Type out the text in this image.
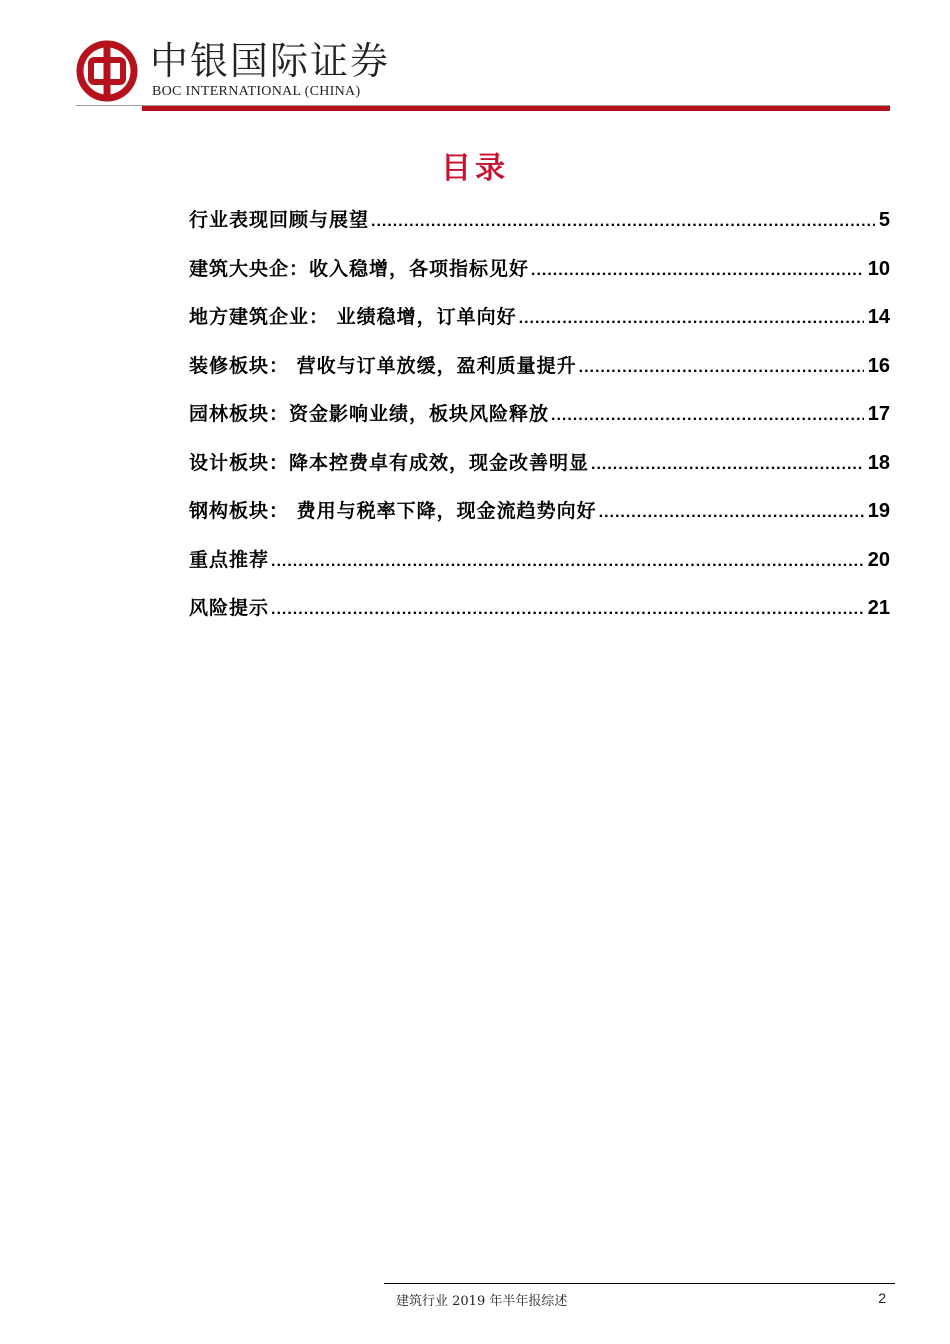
中银国际证券
BOC INTERNATIONAL (CHINA)
目录
行业表现回顾与展望 .....	5
建筑大央企：收入稳增，各项指标见好 .....	10
地方建筑企业： 业绩稳增，订单向好 .....	14
装修板块： 营收与订单放缓，盈利质量提升 .....	16
园林板块：资金影响业绩，板块风险释放 .....	17
设计板块：降本控费卓有成效，现金改善明显 .....	18
钢构板块： 费用与税率下降，现金流趋势向好 .....	19
重点推荐 .....	20
风险提示 .....	21
建筑行业 2019 年半年报综述	2
